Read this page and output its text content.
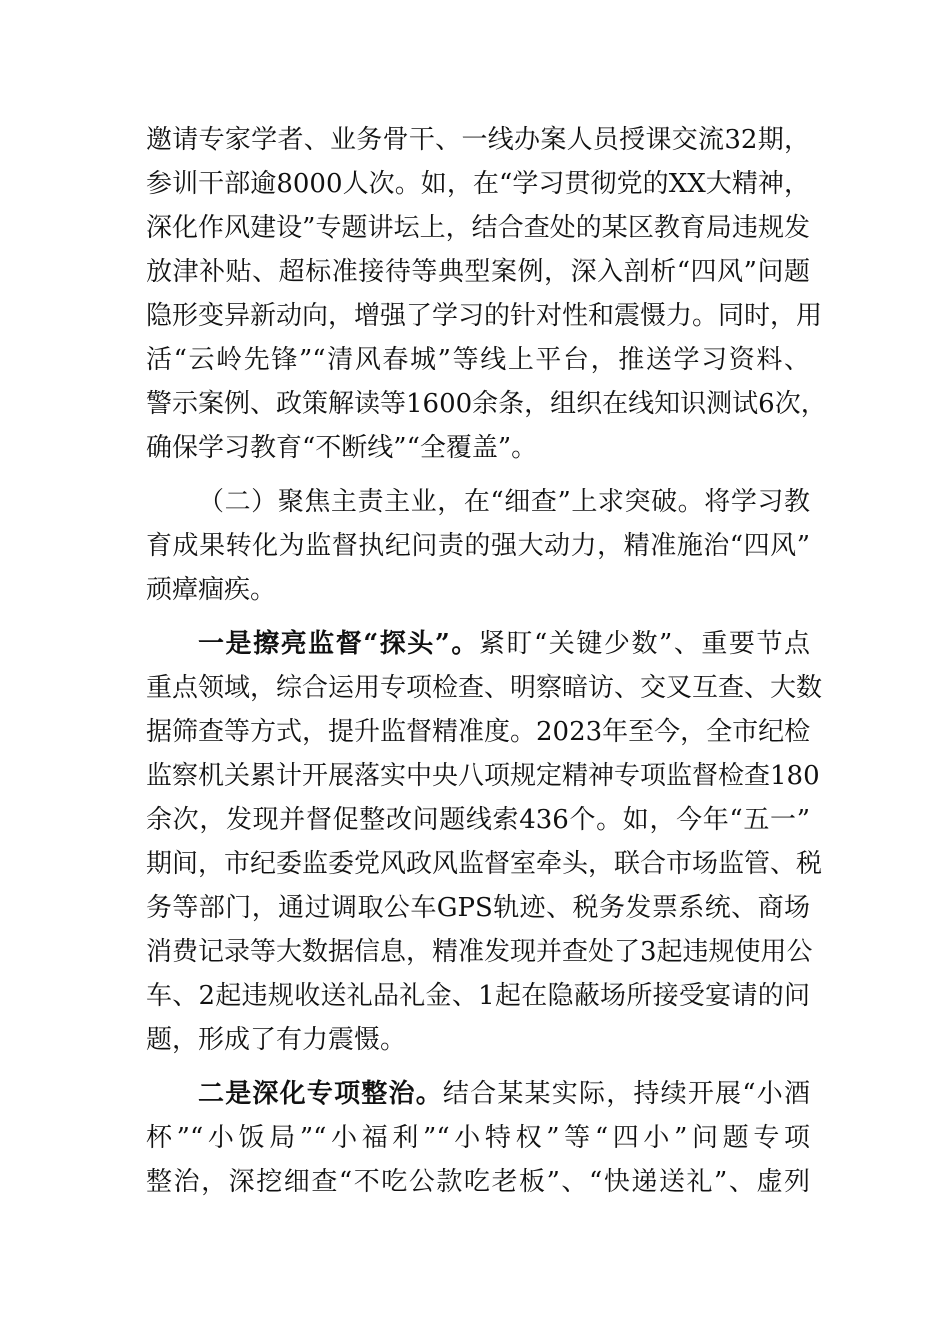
邀请专家学者、业务骨干、一线办案人员授课交流32期，
参训干部逾8000人次。如，在“学习贯彻党的XX大精神，
深化作风建设”专题讲坛上，结合查处的某区教育局违规发
放津补贴、超标准接待等典型案例，深入剖析“四风”问题
隐形变异新动向，增强了学习的针对性和震慑力。同时，用
活“云岭先锋”“清风春城”等线上平台，推送学习资料、
警示案例、政策解读等1600余条，组织在线知识测试6次，
确保学习教育“不断线”“全覆盖”。
（二）聚焦主责主业，在“细查”上求突破。将学习教
育成果转化为监督执纪问责的强大动力，精准施治“四风”
顽瘴痼疾。
一是擦亮监督“探头”。紧盯“关键少数”、重要节点
重点领域，综合运用专项检查、明察暗访、交叉互查、大数
据筛查等方式，提升监督精准度。2023年至今，全市纪检
监察机关累计开展落实中央八项规定精神专项监督检查180
余次，发现并督促整改问题线索436个。如，今年“五一”
期间，市纪委监委党风政风监督室牵头，联合市场监管、税
务等部门，通过调取公车GPS轨迹、税务发票系统、商场
消费记录等大数据信息，精准发现并查处了3起违规使用公
车、2起违规收送礼品礼金、1起在隐蔽场所接受宴请的问
题，形成了有力震慑。
二是深化专项整治。结合某某实际，持续开展“小酒
杯”“小饭局”“小福利”“小特权”等“四小”问题专项
整治，深挖细查“不吃公款吃老板”、“快递送礼”、虚列
